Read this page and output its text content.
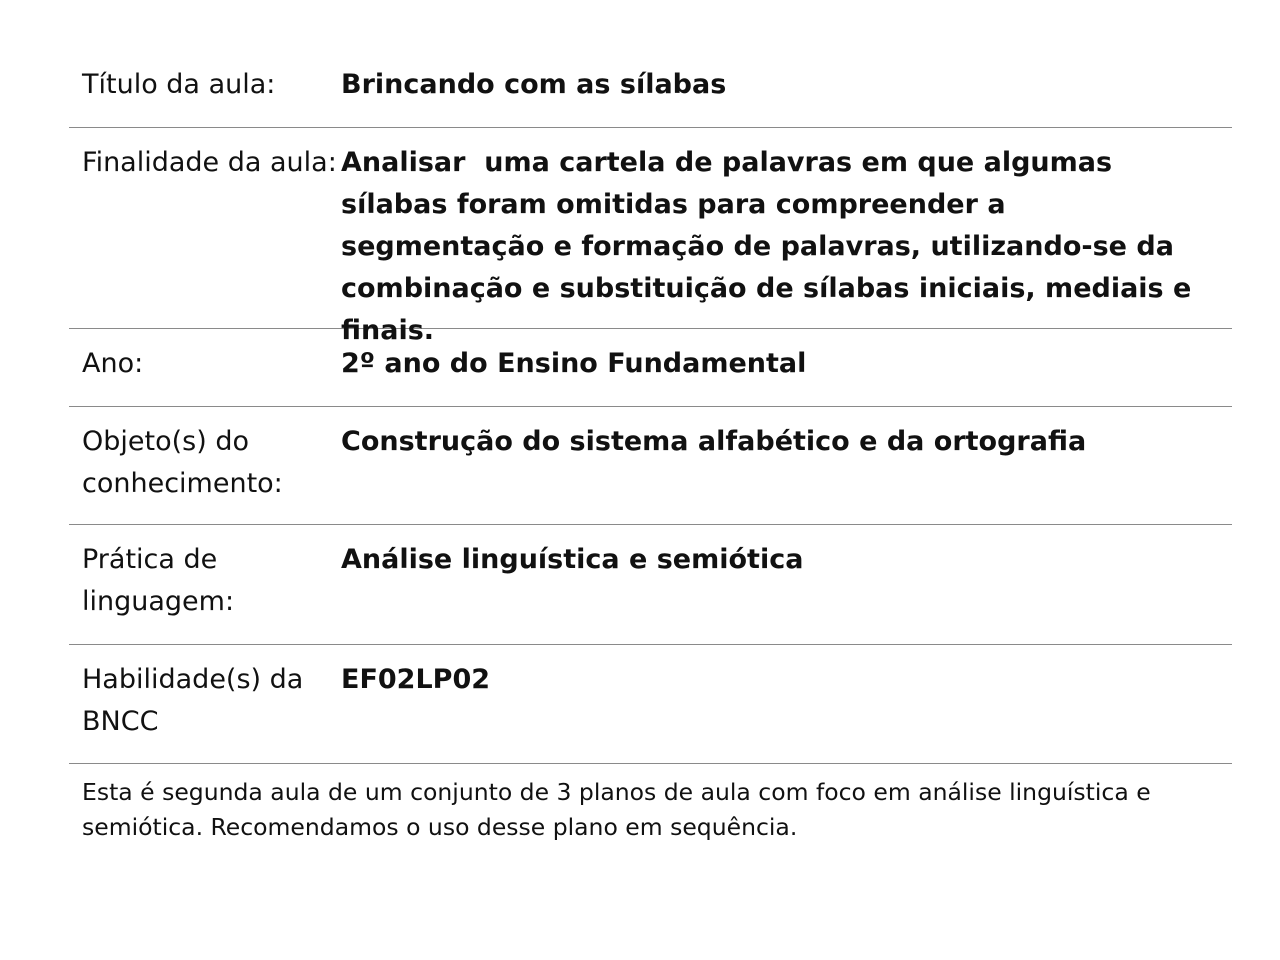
Título da aula:	Brincando com as sílabas
Finalidade da aula: Analisar  uma cartela de palavras em que algumas sílabas foram omitidas para compreender a segmentação e formação de palavras, utilizando-se da combinação e substituição de sílabas iniciais, mediais e finais.
Ano:	2º ano do Ensino Fundamental
Objeto(s) do conhecimento:
Construção do sistema alfabético e da ortografia
Prática de linguagem:
Análise linguística e semiótica
Habilidade(s) da BNCC
EF02LP02
Esta é segunda aula de um conjunto de 3 planos de aula com foco em análise linguística e semiótica. Recomendamos o uso desse plano em sequência.
